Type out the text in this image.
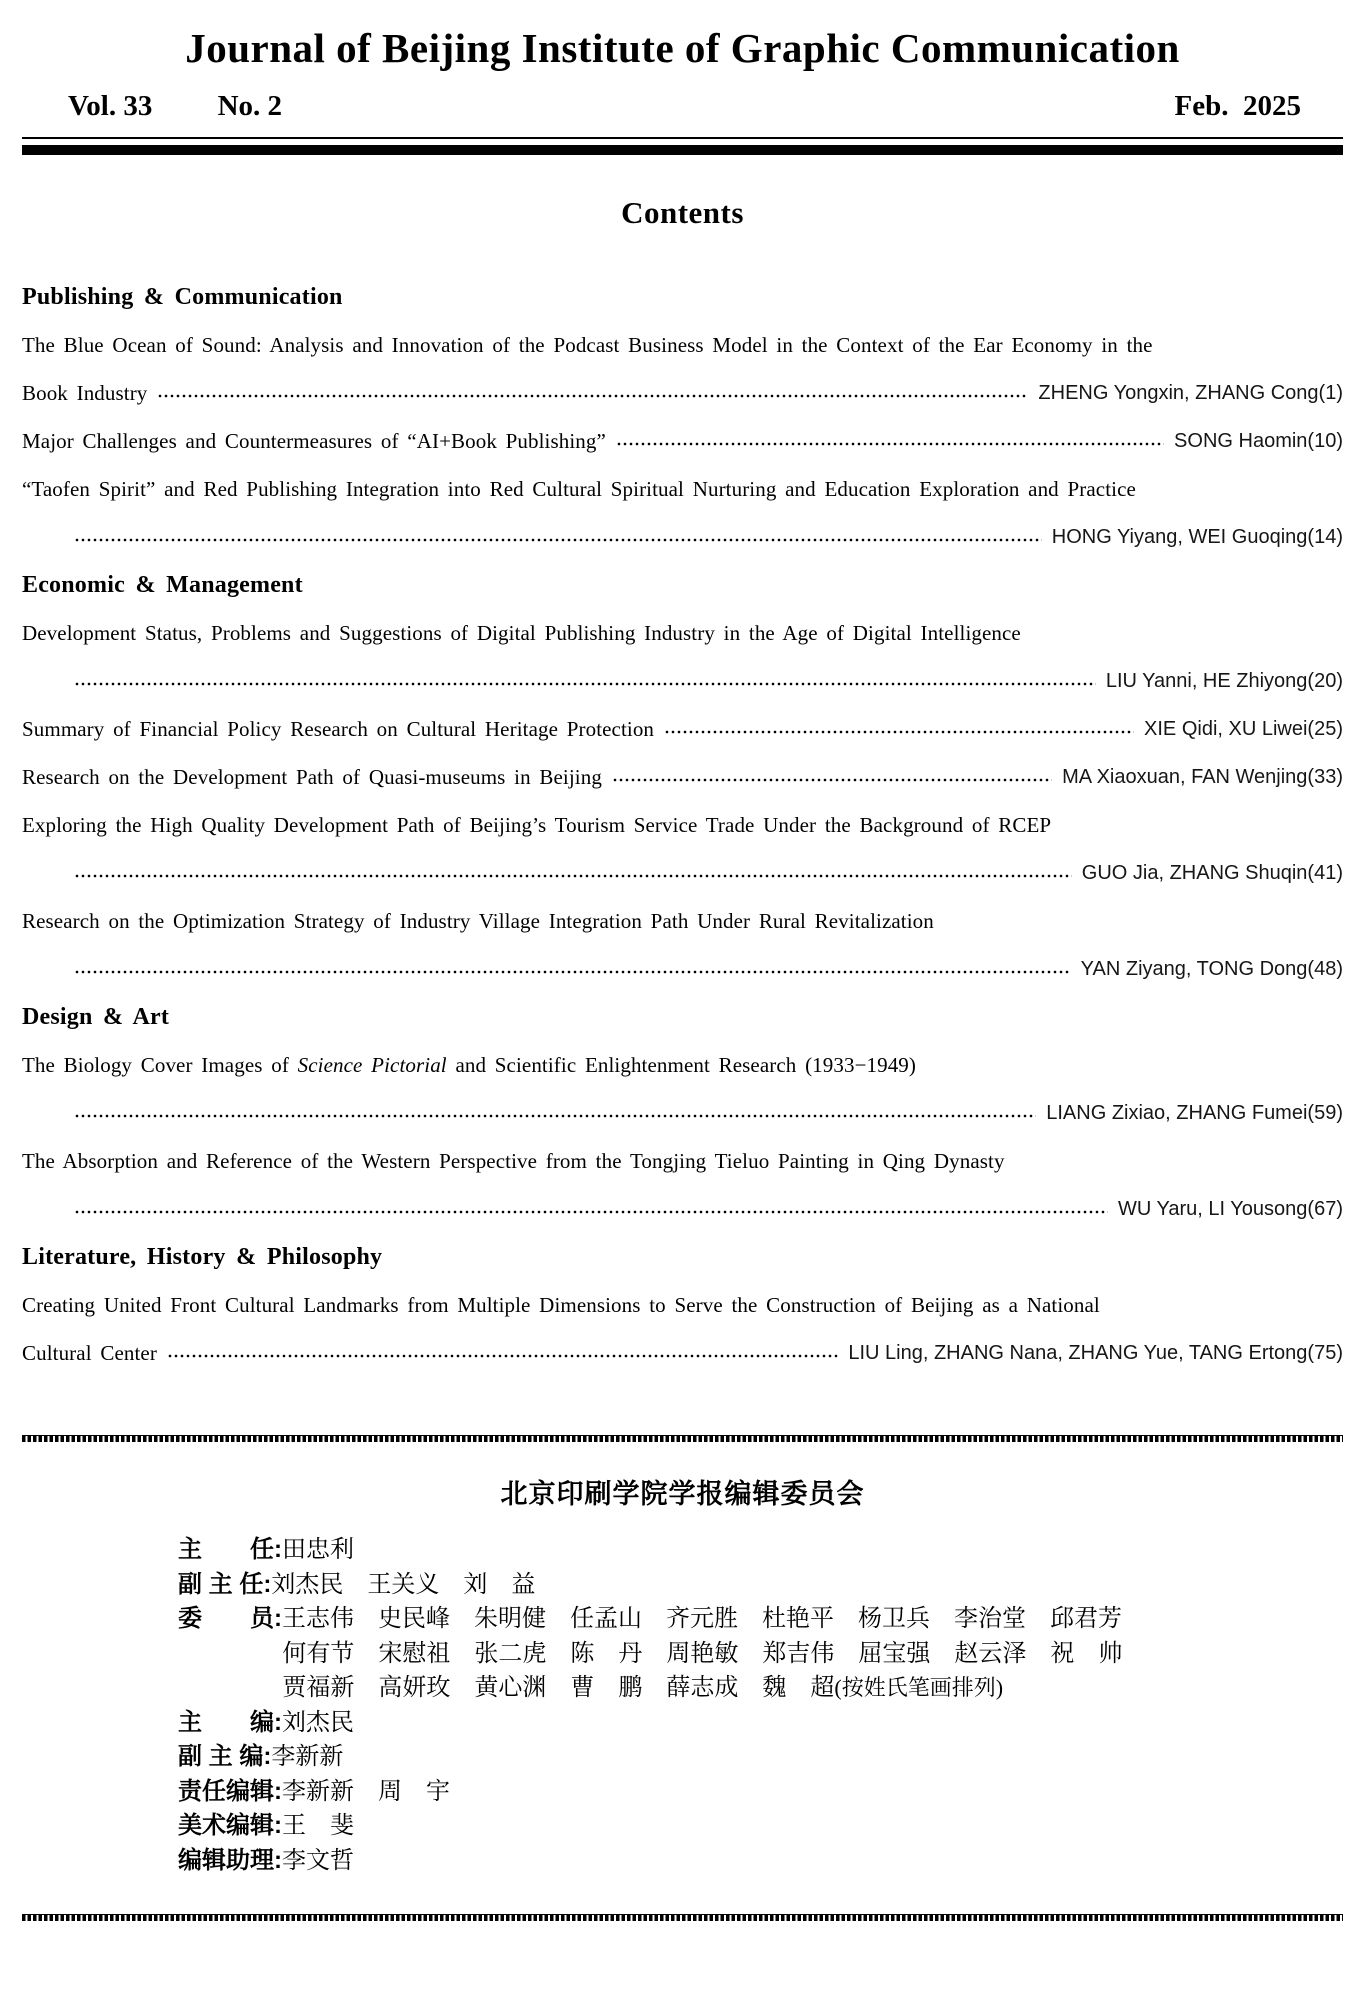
Journal of Beijing Institute of Graphic Communication
Vol. 33 No. 2	Feb.  2025
Contents
Publishing & Communication
The Blue Ocean of Sound: Analysis and Innovation of the Podcast Business Model in the Context of the Ear Economy in the
Book Industry	ZHENG Yongxin, ZHANG Cong (1)
Major Challenges and Countermeasures of “AI+Book Publishing”	SONG Haomin (10)
“Taofen Spirit” and Red Publishing Integration into Red Cultural Spiritual Nurturing and Education Exploration and Practice
HONG Yiyang, WEI Guoqing (14)
Economic & Management
Development Status, Problems and Suggestions of Digital Publishing Industry in the Age of Digital Intelligence
LIU Yanni, HE Zhiyong (20)
Summary of Financial Policy Research on Cultural Heritage Protection	XIE Qidi, XU Liwei (25)
Research on the Development Path of Quasi-museums in Beijing	MA Xiaoxuan, FAN Wenjing (33)
Exploring the High Quality Development Path of Beijing’s Tourism Service Trade Under the Background of RCEP
GUO Jia, ZHANG Shuqin (41)
Research on the Optimization Strategy of Industry Village Integration Path Under Rural Revitalization
YAN Ziyang, TONG Dong (48)
Design & Art
The Biology Cover Images of Science Pictorial and Scientific Enlightenment Research (1933−1949)
LIANG Zixiao, ZHANG Fumei (59)
The Absorption and Reference of the Western Perspective from the Tongjing Tieluo Painting in Qing Dynasty
WU Yaru, LI Yousong (67)
Literature, History & Philosophy
Creating United Front Cultural Landmarks from Multiple Dimensions to Serve the Construction of Beijing as a National
Cultural Center	LIU Ling, ZHANG Nana, ZHANG Yue, TANG Ertong (75)
北京印刷学院学报编辑委员会
主　　任:田忠利
副 主 任:刘杰民　王关义　刘　益
委　　员:王志伟　史民峰　朱明健　任孟山　齐元胜　杜艳平　杨卫兵　李治堂　邱君芳
何有节　宋慰祖　张二虎　陈　丹　周艳敏　郑吉伟　屈宝强　赵云泽　祝　帅
贾福新　高妍玫　黄心渊　曹　鹏　薛志成　魏　超(按姓氏笔画排列)
主　　编:刘杰民
副 主 编:李新新
责任编辑:李新新　周　宇
美术编辑:王　斐
编辑助理:李文哲
